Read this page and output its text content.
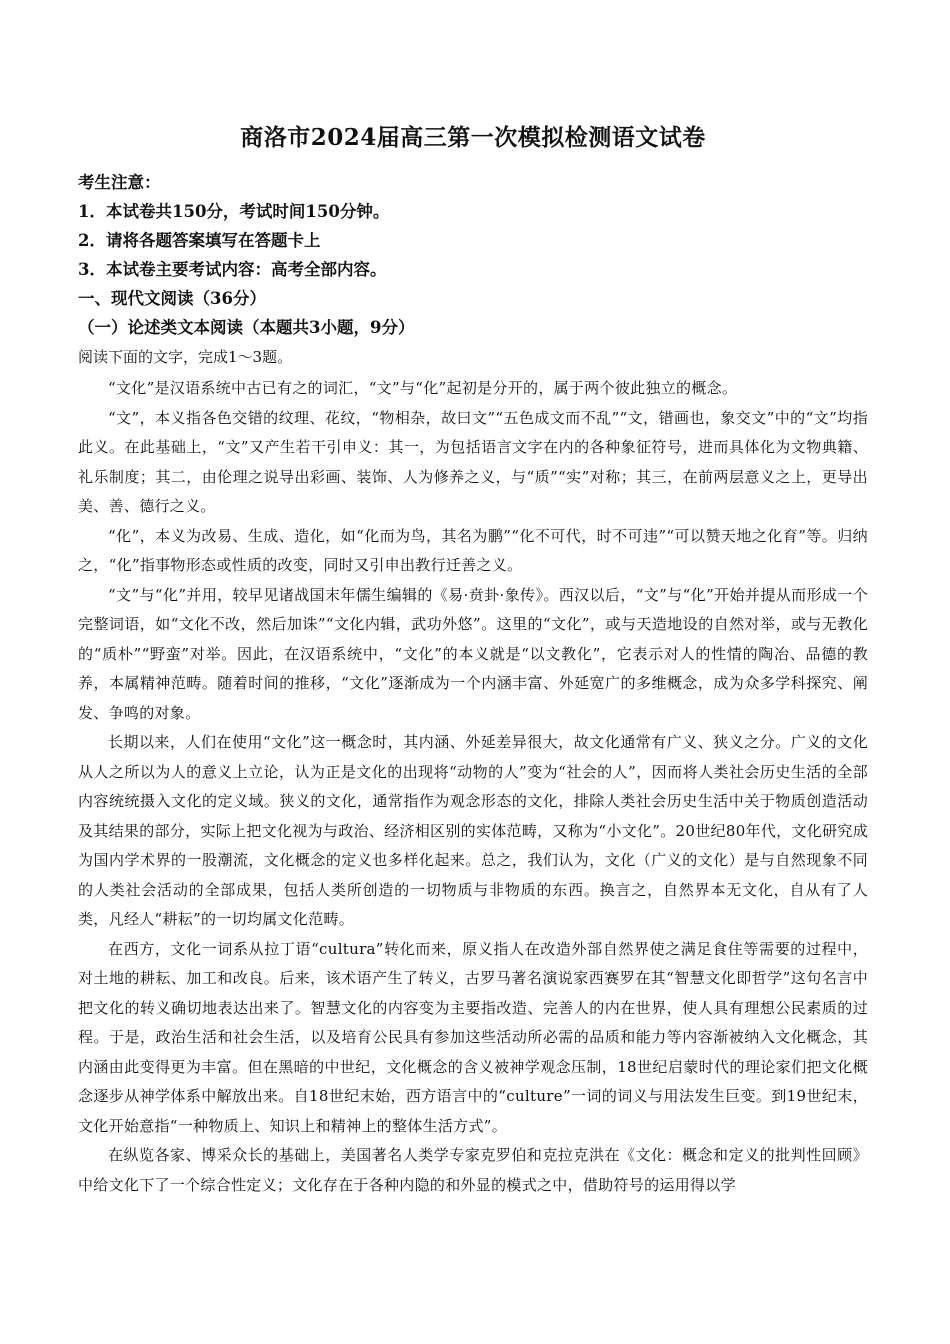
商洛市2024届高三第一次模拟检测语文试卷
考生注意：
1．本试卷共150分，考试时间150分钟。
2．请将各题答案填写在答题卡上
3．本试卷主要考试内容：高考全部内容。
一、现代文阅读（36分）
（一）论述类文本阅读（本题共3小题，9分）
阅读下面的文字，完成1～3题。

“文化”是汉语系统中古已有之的词汇，“文”与“化”起初是分开的，属于两个彼此独立的概念。

“文”，本义指各色交错的纹理、花纹，“物相杂，故曰文”“五色成文而不乱”“文，错画也，象交文”中的“文”均指此义。在此基础上，“文”又产生若干引申义：其一，为包括语言文字在内的各种象征符号，进而具体化为文物典籍、礼乐制度；其二，由伦理之说导出彩画、装饰、人为修养之义，与“质”“实”对称；其三，在前两层意义之上，更导出美、善、德行之义。

“化”，本义为改易、生成、造化，如“化而为鸟，其名为鹏”“化不可代，时不可违”“可以赞天地之化育”等。归纳之，“化”指事物形态或性质的改变，同时又引申出教行迁善之义。

“文”与“化”并用，较早见诸战国末年儒生编辑的《易·贲卦·象传》。西汉以后，“文”与“化”开始并提从而形成一个完整词语，如“文化不改，然后加诛”“文化内辑，武功外悠”。这里的“文化”，或与天造地设的自然对举，或与无教化的“质朴”“野蛮”对举。因此，在汉语系统中，“文化”的本义就是“以文教化”，它表示对人的性情的陶冶、品德的教养，本属精神范畴。随着时间的推移，“文化”逐渐成为一个内涵丰富、外延宽广的多维概念，成为众多学科探究、阐发、争鸣的对象。

长期以来，人们在使用“文化”这一概念时，其内涵、外延差异很大，故文化通常有广义、狭义之分。广义的文化从人之所以为人的意义上立论，认为正是文化的出现将“动物的人”变为“社会的人”，因而将人类社会历史生活的全部内容统统摄入文化的定义域。狭义的文化，通常指作为观念形态的文化，排除人类社会历史生活中关于物质创造活动及其结果的部分，实际上把文化视为与政治、经济相区别的实体范畴，又称为“小文化”。20世纪80年代，文化研究成为国内学术界的一股潮流，文化概念的定义也多样化起来。总之，我们认为，文化（广义的文化）是与自然现象不同的人类社会活动的全部成果，包括人类所创造的一切物质与非物质的东西。换言之，自然界本无文化，自从有了人类，凡经人“耕耘”的一切均属文化范畴。

在西方，文化一词系从拉丁语“cultura”转化而来，原义指人在改造外部自然界使之满足食住等需要的过程中，对土地的耕耘、加工和改良。后来，该术语产生了转义，古罗马著名演说家西赛罗在其“智慧文化即哲学”这句名言中把文化的转义确切地表达出来了。智慧文化的内容变为主要指改造、完善人的内在世界，使人具有理想公民素质的过程。于是，政治生活和社会生活，以及培育公民具有参加这些活动所必需的品质和能力等内容渐被纳入文化概念，其内涵由此变得更为丰富。但在黑暗的中世纪，文化概念的含义被神学观念压制，18世纪启蒙时代的理论家们把文化概念逐步从神学体系中解放出来。自18世纪末始，西方语言中的“culture”一词的词义与用法发生巨变。到19世纪末，文化开始意指“一种物质上、知识上和精神上的整体生活方式”。

在纵览各家、博采众长的基础上，美国著名人类学专家克罗伯和克拉克洪在《文化：概念和定义的批判性回顾》中给文化下了一个综合性定义；文化存在于各种内隐的和外显的模式之中，借助符号的运用得以学
